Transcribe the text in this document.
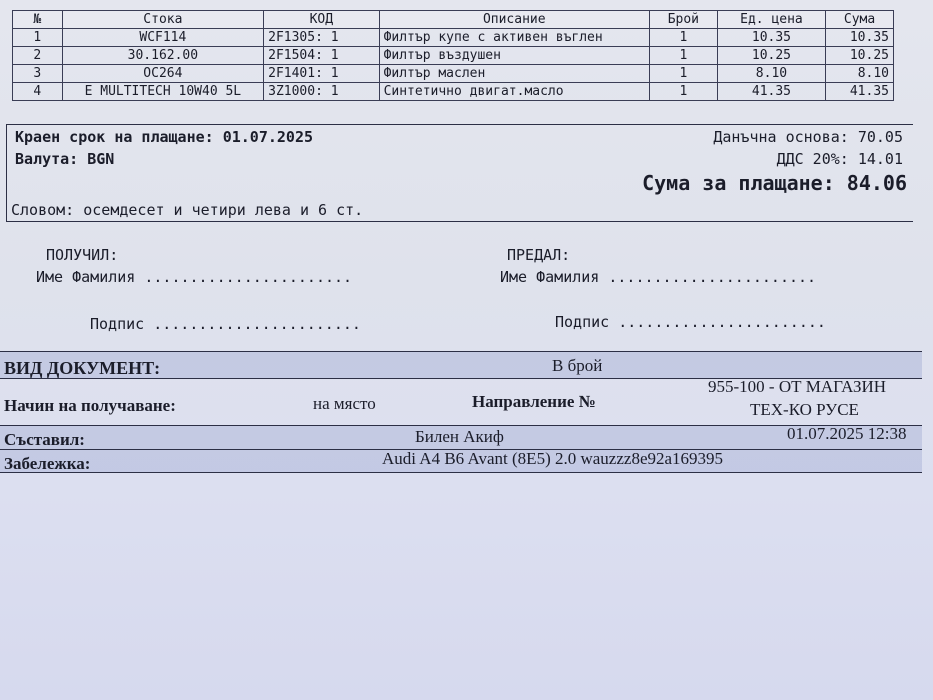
№	Стока	КОД	Описание	Брой	Ед. цена	Сума
1	WCF114	2F1305: 1	Филтър купе с активен въглен	1	10.35	10.35
2	30.162.00	2F1504: 1	Филтър въздушен	1	10.25	10.25
3	OC264	2F1401: 1	Филтър маслен	1	8.10	8.10
4	E MULTITECH 10W40 5L	3Z1000: 1	Синтетично двигат.масло	1	41.35	41.35
Краен срок на плащане: 01.07.2025
Валута: BGN
Данъчна основа: 70.05
ДДС 20%: 14.01
Сума за плащане: 84.06
Словом: осемдесет и четири лева и 6 ст.
ПОЛУЧИЛ:
Име Фамилия .......................
Подпис .......................
ПРЕДАЛ:
Име Фамилия .......................
Подпис .......................
ВИД ДОКУМЕНТ:	В брой
Начин на получаване:	на място	Направление №
955-100 - ОТ МАГАЗИН
ТЕХ-КО РУСЕ
Съставил:	Билен Акиф	01.07.2025 12:38
Забележка:	Audi A4 B6 Avant (8E5) 2.0 wauzzz8e92a169395
